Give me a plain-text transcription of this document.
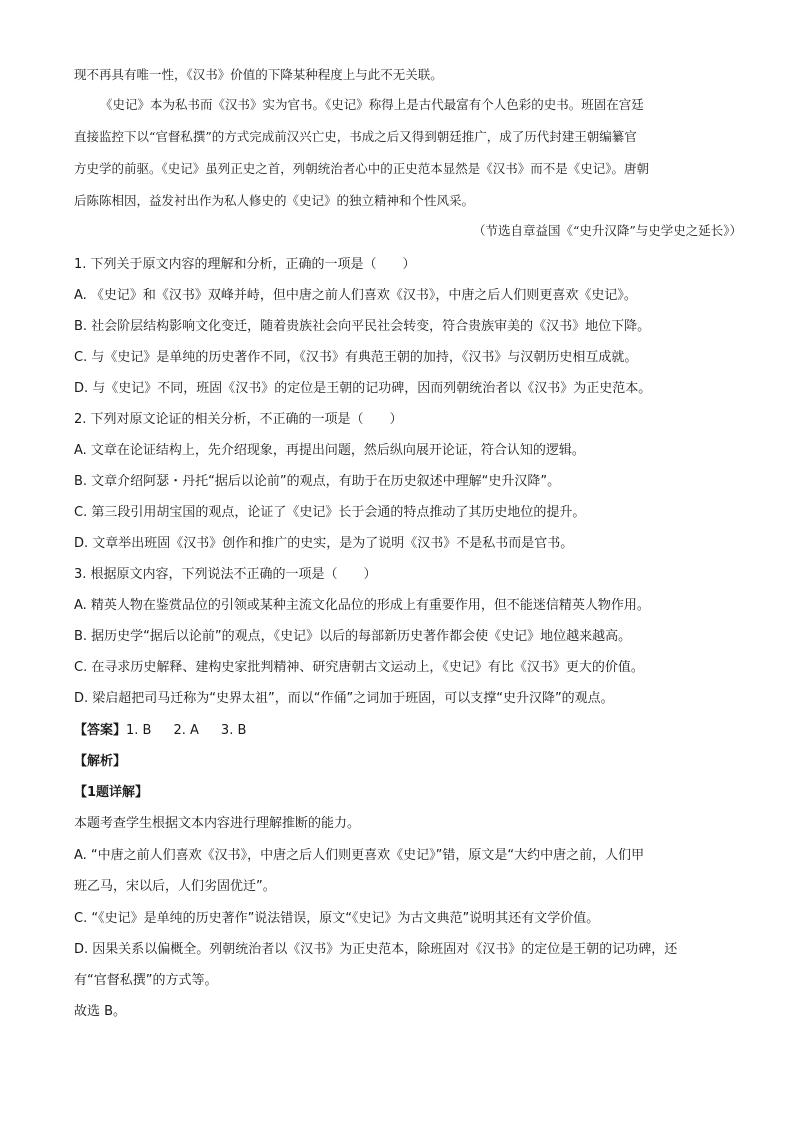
现不再具有唯一性，《汉书》价值的下降某种程度上与此不无关联。
《史记》本为私书而《汉书》实为官书。《史记》称得上是古代最富有个人色彩的史书。班固在宫廷
直接监控下以“官督私撰”的方式完成前汉兴亡史，书成之后又得到朝廷推广，成了历代封建王朝编纂官
方史学的前驱。《史记》虽列正史之首，列朝统治者心中的正史范本显然是《汉书》而不是《史记》。唐朝
后陈陈相因，益发衬出作为私人修史的《史记》的独立精神和个性风采。
（节选自章益国《“史升汉降”与史学史之延长》）
1. 下列关于原文内容的理解和分析，正确的一项是（　　）
A. 《史记》和《汉书》双峰并峙，但中唐之前人们喜欢《汉书》，中唐之后人们则更喜欢《史记》。
B. 社会阶层结构影响文化变迁，随着贵族社会向平民社会转变，符合贵族审美的《汉书》地位下降。
C. 与《史记》是单纯的历史著作不同，《汉书》有典范王朝的加持，《汉书》与汉朝历史相互成就。
D. 与《史记》不同，班固《汉书》的定位是王朝的记功碑，因而列朝统治者以《汉书》为正史范本。
2. 下列对原文论证的相关分析，不正确的一项是（　　）
A. 文章在论证结构上，先介绍现象，再提出问题，然后纵向展开论证，符合认知的逻辑。
B. 文章介绍阿瑟・丹托“据后以论前”的观点，有助于在历史叙述中理解“史升汉降”。
C. 第三段引用胡宝国的观点，论证了《史记》长于会通的特点推动了其历史地位的提升。
D. 文章举出班固《汉书》创作和推广的史实，是为了说明《汉书》不是私书而是官书。
3. 根据原文内容，下列说法不正确的一项是（　　）
A. 精英人物在鉴赏品位的引领或某种主流文化品位的形成上有重要作用，但不能迷信精英人物作用。
B. 据历史学“据后以论前”的观点，《史记》以后的每部新历史著作都会使《史记》地位越来越高。
C. 在寻求历史解释、建构史家批判精神、研究唐朝古文运动上，《史记》有比《汉书》更大的价值。
D. 梁启超把司马迁称为“史界太祖”，而以“作俑”之词加于班固，可以支撑“史升汉降”的观点。
【答案】1. B 2. A 3. B
【解析】
【1题详解】
本题考查学生根据文本内容进行理解推断的能力。
A. “中唐之前人们喜欢《汉书》，中唐之后人们则更喜欢《史记》”错，原文是“大约中唐之前，人们甲
班乙马，宋以后，人们劣固优迁”。
C. “《史记》是单纯的历史著作”说法错误，原文“《史记》为古文典范”说明其还有文学价值。
D. 因果关系以偏概全。列朝统治者以《汉书》为正史范本，除班固对《汉书》的定位是王朝的记功碑，还
有“官督私撰”的方式等。
故选 B。
